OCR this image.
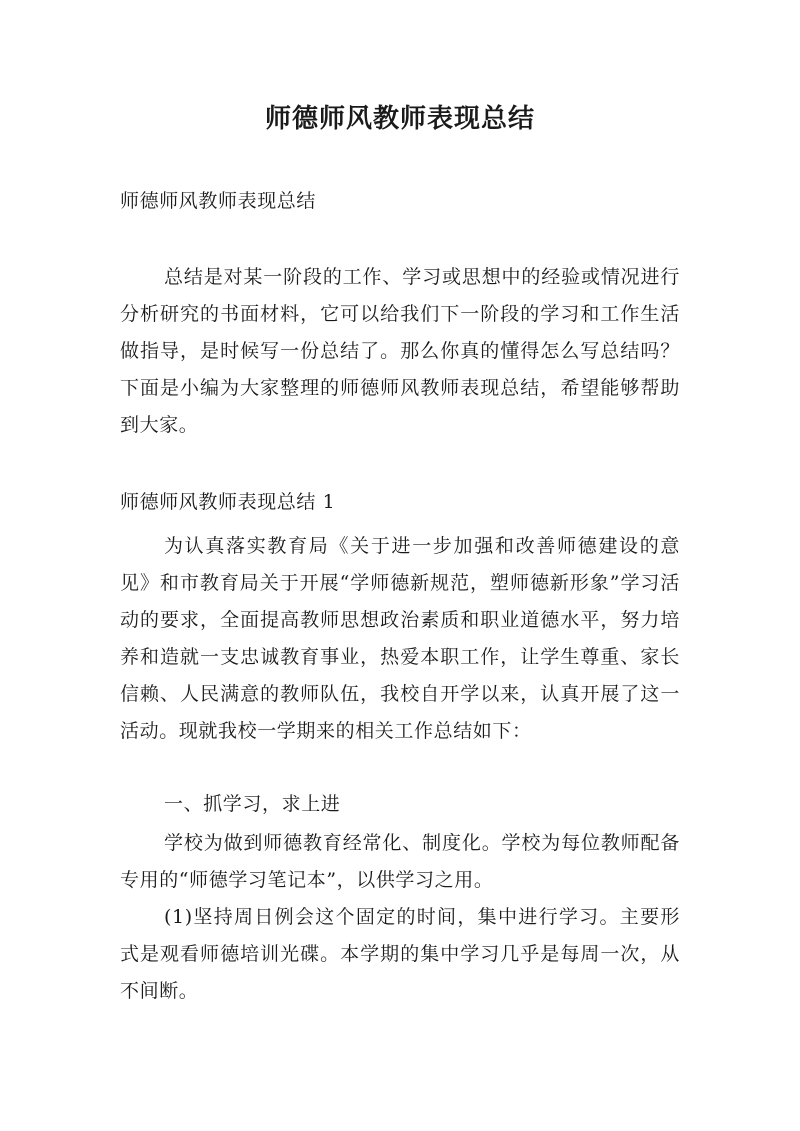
师德师风教师表现总结
师德师风教师表现总结
总结是对某一阶段的工作、学习或思想中的经验或情况进行分析研究的书面材料，它可以给我们下一阶段的学习和工作生活做指导，是时候写一份总结了。那么你真的懂得怎么写总结吗？下面是小编为大家整理的师德师风教师表现总结，希望能够帮助到大家。
师德师风教师表现总结 1
为认真落实教育局《关于进一步加强和改善师德建设的意见》和市教育局关于开展“学师德新规范，塑师德新形象”学习活动的要求，全面提高教师思想政治素质和职业道德水平，努力培养和造就一支忠诚教育事业，热爱本职工作，让学生尊重、家长信赖、人民满意的教师队伍，我校自开学以来，认真开展了这一活动。现就我校一学期来的相关工作总结如下：
一、抓学习，求上进
学校为做到师德教育经常化、制度化。学校为每位教师配备专用的“师德学习笔记本”，以供学习之用。
(1)坚持周日例会这个固定的时间，集中进行学习。主要形式是观看师德培训光碟。本学期的集中学习几乎是每周一次，从不间断。
